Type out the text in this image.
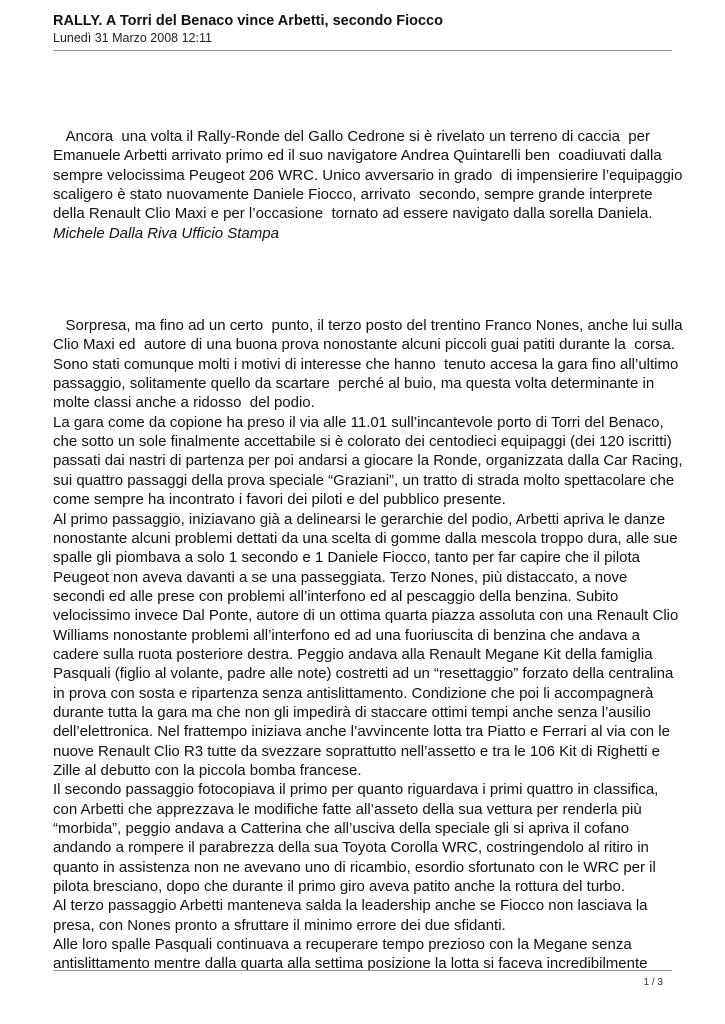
RALLY. A Torri del Benaco vince Arbetti, secondo Fiocco
Lunedì 31 Marzo 2008 12:11

Ancora  una volta il Rally-Ronde del Gallo Cedrone si è rivelato un terreno di caccia  per Emanuele Arbetti arrivato primo ed il suo navigatore Andrea Quintarelli ben  coadiuvati dalla sempre velocissima Peugeot 206 WRC. Unico avversario in grado  di impensierire l’equipaggio scaligero è stato nuovamente Daniele Fiocco, arrivato  secondo, sempre grande interprete della Renault Clio Maxi e per l’occasione  tornato ad essere navigato dalla sorella Daniela.   Michele Dalla Riva Ufficio Stampa

Sorpresa, ma fino ad un certo  punto, il terzo posto del trentino Franco Nones, anche lui sulla Clio Maxi ed  autore di una buona prova nonostante alcuni piccoli guai patiti durante la  corsa. Sono stati comunque molti i motivi di interesse che hanno  tenuto accesa la gara fino all’ultimo passaggio, solitamente quello da scartare  perché al buio, ma questa volta determinante in molte classi anche a ridosso  del podio.

La gara come da copione ha preso il via alle 11.01 sull’incantevole porto di Torri del Benaco, che sotto un sole finalmente accettabile si è colorato dei centodieci equipaggi (dei 120 iscritti) passati dai nastri di partenza per poi andarsi a giocare la Ronde, organizzata dalla Car Racing, sui quattro passaggi della prova speciale “Graziani”, un tratto di strada molto spettacolare che come sempre ha incontrato i favori dei piloti e del pubblico presente.

Al primo passaggio, iniziavano già a delinearsi le gerarchie del podio, Arbetti apriva le danze nonostante alcuni problemi dettati da una scelta di gomme dalla mescola troppo dura, alle sue spalle gli piombava a solo 1 secondo e 1 Daniele Fiocco, tanto per far capire che il pilota Peugeot non aveva davanti a se una passeggiata. Terzo Nones, più distaccato, a nove secondi ed alle prese con problemi all’interfono ed al pescaggio della benzina. Subito velocissimo invece Dal Ponte, autore di un ottima quarta piazza assoluta con una Renault Clio Williams nonostante problemi all’interfono ed ad una fuoriuscita di benzina che andava a cadere sulla ruota posteriore destra. Peggio andava alla Renault Megane Kit della famiglia Pasquali (figlio al volante, padre alle note) costretti ad un “resettaggio” forzato della centralina in prova con sosta e ripartenza senza antislittamento. Condizione che poi li accompagnerà durante tutta la gara ma che non gli impedirà di staccare ottimi tempi anche senza l’ausilio dell’elettronica. Nel frattempo iniziava anche l’avvincente lotta tra Piatto e Ferrari al via con le nuove Renault Clio R3 tutte da svezzare soprattutto nell’assetto e tra le 106 Kit di Righetti e Zille al debutto con la piccola bomba francese.

Il secondo passaggio fotocopiava il primo per quanto riguardava i primi quattro in classifica, con Arbetti che apprezzava le modifiche fatte all’asseto della sua vettura per renderla più “morbida”, peggio andava a Catterina che all’usciva della speciale gli si apriva il cofano andando a rompere il parabrezza della sua Toyota Corolla WRC, costringendolo al ritiro in quanto in assistenza non ne avevano uno di ricambio, esordio sfortunato con le WRC per il pilota bresciano, dopo che durante il primo giro aveva patito anche la rottura del turbo.

Al terzo passaggio Arbetti manteneva salda la leadership anche se Fiocco non lasciava la presa, con Nones pronto a sfruttare il minimo errore dei due sfidanti.

Alle loro spalle Pasquali continuava a recuperare tempo prezioso con la Megane senza antislittamento mentre dalla quarta alla settima posizione la lotta si faceva incredibilmente

1 / 3
